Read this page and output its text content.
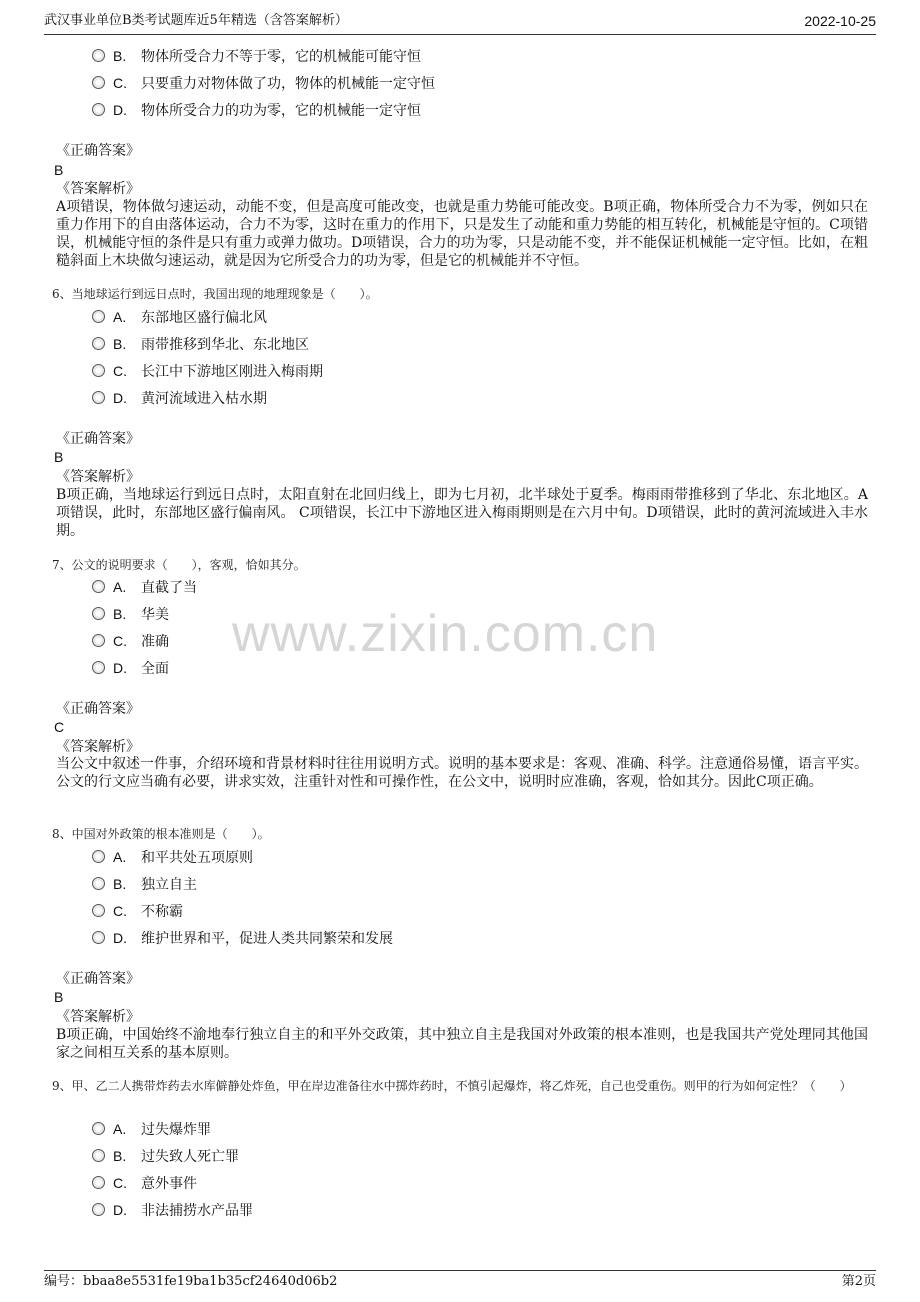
武汉事业单位B类考试题库近5年精选（含答案解析）	2022-10-25
www.zixin.com.cn
B. 物体所受合力不等于零，它的机械能可能守恒
C. 只要重力对物体做了功，物体的机械能一定守恒
D. 物体所受合力的功为零，它的机械能一定守恒
《正确答案》
B
《答案解析》
A项错误，物体做匀速运动，动能不变，但是高度可能改变，也就是重力势能可能改变。B项正确，物体所受合力不为零，例如只在重力作用下的自由落体运动，合力不为零，这时在重力的作用下，只是发生了动能和重力势能的相互转化，机械能是守恒的。C项错误，机械能守恒的条件是只有重力或弹力做功。D项错误，合力的功为零，只是动能不变，并不能保证机械能一定守恒。比如，在粗糙斜面上木块做匀速运动，就是因为它所受合力的功为零，但是它的机械能并不守恒。
6、当地球运行到远日点时，我国出现的地理现象是（　　）。
A. 东部地区盛行偏北风
B. 雨带推移到华北、东北地区
C. 长江中下游地区刚进入梅雨期
D. 黄河流域进入枯水期
《正确答案》
B
《答案解析》
B项正确，当地球运行到远日点时，太阳直射在北回归线上，即为七月初，北半球处于夏季。梅雨雨带推移到了华北、东北地区。A项错误，此时，东部地区盛行偏南风。 C项错误，长江中下游地区进入梅雨期则是在六月中旬。D项错误，此时的黄河流域进入丰水期。
7、公文的说明要求（　　），客观，恰如其分。
A. 直截了当
B. 华美
C. 准确
D. 全面
《正确答案》
C
《答案解析》
当公文中叙述一件事，介绍环境和背景材料时往往用说明方式。说明的基本要求是：客观、准确、科学。注意通俗易懂，语言平实。公文的行文应当确有必要，讲求实效，注重针对性和可操作性，在公文中，说明时应准确，客观，恰如其分。因此C项正确。
8、中国对外政策的根本准则是（　　）。
A. 和平共处五项原则
B. 独立自主
C. 不称霸
D. 维护世界和平，促进人类共同繁荣和发展
《正确答案》
B
《答案解析》
B项正确，中国始终不渝地奉行独立自主的和平外交政策，其中独立自主是我国对外政策的根本准则，也是我国共产党处理同其他国家之间相互关系的基本原则。
9、甲、乙二人携带炸药去水库僻静处炸鱼，甲在岸边准备往水中掷炸药时，不慎引起爆炸，将乙炸死，自己也受重伤。则甲的行为如何定性？（　　）
A. 过失爆炸罪
B. 过失致人死亡罪
C. 意外事件
D. 非法捕捞水产品罪
编号：bbaa8e5531fe19ba1b35cf24640d06b2	第2页
